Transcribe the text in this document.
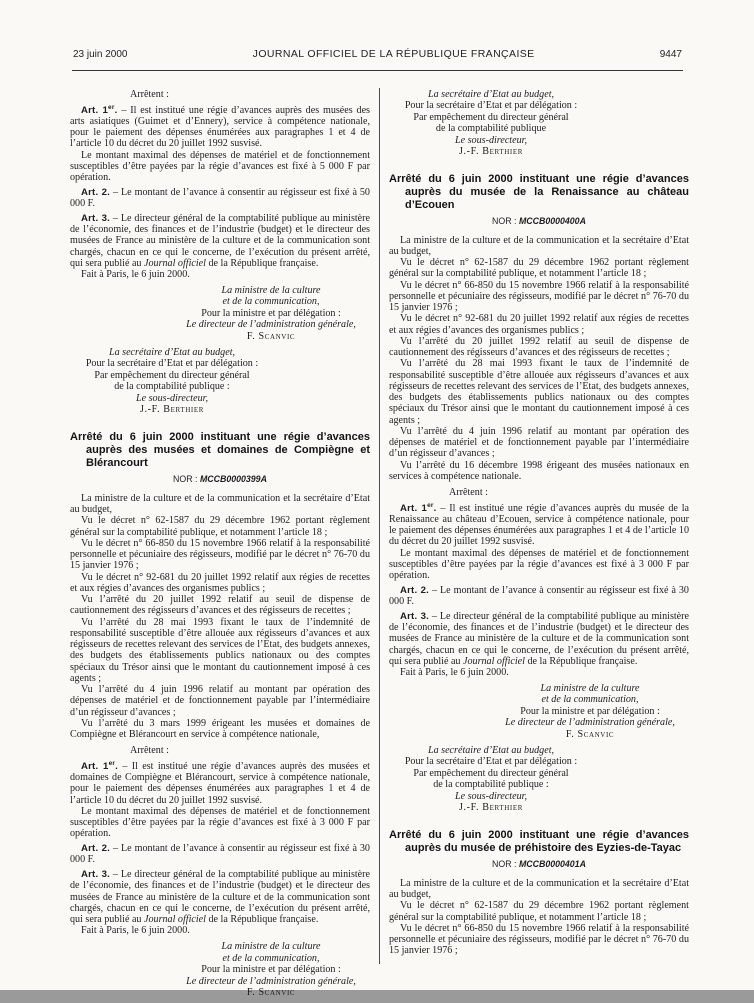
23 juin 2000	JOURNAL OFFICIEL DE LA RÉPUBLIQUE FRANÇAISE	9447
Arrêtent :

Art. 1er. – Il est institué une régie d’avances auprès des musées des arts asiatiques (Guimet et d’Ennery), service à compétence nationale, pour le paiement des dépenses énumérées aux paragraphes 1 et 4 de l’article 10 du décret du 20 juillet 1992 susvisé.

Le montant maximal des dépenses de matériel et de fonctionnement susceptibles d’être payées par la régie d’avances est fixé à 5 000 F par opération.

Art. 2. – Le montant de l’avance à consentir au régisseur est fixé à 50 000 F.

Art. 3. – Le directeur général de la comptabilité publique au ministère de l’économie, des finances et de l’industrie (budget) et le directeur des musées de France au ministère de la culture et de la communication sont chargés, chacun en ce qui le concerne, de l’exécution du présent arrêté, qui sera publié au Journal officiel de la République française.

Fait à Paris, le 6 juin 2000.

La ministre de la culture
et de la communication,
Pour la ministre et par délégation :
Le directeur de l’administration générale,
F. Scanvic
La secrétaire d’Etat au budget,
Pour la secrétaire d’Etat et par délégation :
Par empêchement du directeur général
de la comptabilité publique :
Le sous-directeur,
J.-F. Berthier
Arrêté du 6 juin 2000 instituant une régie d’avances auprès des musées et domaines de Compiègne et Blérancourt
NOR : MCCB0000399A

La ministre de la culture et de la communication et la secrétaire d’Etat au budget,

Vu le décret n° 62-1587 du 29 décembre 1962 portant règlement général sur la comptabilité publique, et notamment l’article 18 ;

Vu le décret n° 66-850 du 15 novembre 1966 relatif à la responsabilité personnelle et pécuniaire des régisseurs, modifié par le décret n° 76-70 du 15 janvier 1976 ;

Vu le décret n° 92-681 du 20 juillet 1992 relatif aux régies de recettes et aux régies d’avances des organismes publics ;

Vu l’arrêté du 20 juillet 1992 relatif au seuil de dispense de cautionnement des régisseurs d’avances et des régisseurs de recettes ;

Vu l’arrêté du 28 mai 1993 fixant le taux de l’indemnité de responsabilité susceptible d’être allouée aux régisseurs d’avances et aux régisseurs de recettes relevant des services de l’Etat, des budgets annexes, des budgets des établissements publics nationaux ou des comptes spéciaux du Trésor ainsi que le montant du cautionnement imposé à ces agents ;

Vu l’arrêté du 4 juin 1996 relatif au montant par opération des dépenses de matériel et de fonctionnement payable par l’intermédiaire d’un régisseur d’avances ;

Vu l’arrêté du 3 mars 1999 érigeant les musées et domaines de Compiègne et Blérancourt en service à compétence nationale,

Arrêtent :

Art. 1er. – Il est institué une régie d’avances auprès des musées et domaines de Compiègne et Blérancourt, service à compétence nationale, pour le paiement des dépenses énumérées aux paragraphes 1 et 4 de l’article 10 du décret du 20 juillet 1992 susvisé.

Le montant maximal des dépenses de matériel et de fonctionnement susceptibles d’être payées par la régie d’avances est fixé à 3 000 F par opération.

Art. 2. – Le montant de l’avance à consentir au régisseur est fixé à 30 000 F.

Art. 3. – Le directeur général de la comptabilité publique au ministère de l’économie, des finances et de l’industrie (budget) et le directeur des musées de France au ministère de la culture et de la communication sont chargés, chacun en ce qui le concerne, de l’exécution du présent arrêté, qui sera publié au Journal officiel de la République française.

Fait à Paris, le 6 juin 2000.

La ministre de la culture
et de la communication,
Pour la ministre et par délégation :
Le directeur de l’administration générale,
F. Scanvic
La secrétaire d’Etat au budget,
Pour la secrétaire d’Etat et par délégation :
Par empêchement du directeur général
de la comptabilité publique
Le sous-directeur,
J.-F. Berthier
Arrêté du 6 juin 2000 instituant une régie d’avances auprès du musée de la Renaissance au château d’Ecouen
NOR : MCCB0000400A

La ministre de la culture et de la communication et la secrétaire d’Etat au budget,

Vu le décret n° 62-1587 du 29 décembre 1962 portant règlement général sur la comptabilité publique, et notamment l’article 18 ;

Vu le décret n° 66-850 du 15 novembre 1966 relatif à la responsabilité personnelle et pécuniaire des régisseurs, modifié par le décret n° 76-70 du 15 janvier 1976 ;

Vu le décret n° 92-681 du 20 juillet 1992 relatif aux régies de recettes et aux régies d’avances des organismes publics ;

Vu l’arrêté du 20 juillet 1992 relatif au seuil de dispense de cautionnement des régisseurs d’avances et des régisseurs de recettes ;

Vu l’arrêté du 28 mai 1993 fixant le taux de l’indemnité de responsabilité susceptible d’être allouée aux régisseurs d’avances et aux régisseurs de recettes relevant des services de l’Etat, des budgets annexes, des budgets des établissements publics nationaux ou des comptes spéciaux du Trésor ainsi que le montant du cautionnement imposé à ces agents ;

Vu l’arrêté du 4 juin 1996 relatif au montant par opération des dépenses de matériel et de fonctionnement payable par l’intermédiaire d’un régisseur d’avances ;

Vu l’arrêté du 16 décembre 1998 érigeant des musées nationaux en services à compétence nationale.

Arrêtent :

Art. 1er. – Il est institué une régie d’avances auprès du musée de la Renaissance au château d’Ecouen, service à compétence nationale, pour le paiement des dépenses énumérées aux paragraphes 1 et 4 de l’article 10 du décret du 20 juillet 1992 susvisé.

Le montant maximal des dépenses de matériel et de fonctionnement susceptibles d’être payées par la régie d’avances est fixé à 3 000 F par opération.

Art. 2. – Le montant de l’avance à consentir au régisseur est fixé à 30 000 F.

Art. 3. – Le directeur général de la comptabilité publique au ministère de l’économie, des finances et de l’industrie (budget) et le directeur des musées de France au ministère de la culture et de la communication sont chargés, chacun en ce qui le concerne, de l’exécution du présent arrêté, qui sera publié au Journal officiel de la République française.

Fait à Paris, le 6 juin 2000.

La ministre de la culture
et de la communication,
Pour la ministre et par délégation :
Le directeur de l’administration générale,
F. Scanvic
La secrétaire d’Etat au budget,
Pour la secrétaire d’Etat et par délégation :
Par empêchement du directeur général
de la comptabilité publique :
Le sous-directeur,
J.-F. Berthier
Arrêté du 6 juin 2000 instituant une régie d’avances auprès du musée de préhistoire des Eyzies-de-Tayac
NOR : MCCB0000401A

La ministre de la culture et de la communication et la secrétaire d’Etat au budget,

Vu le décret n° 62-1587 du 29 décembre 1962 portant règlement général sur la comptabilité publique, et notamment l’article 18 ;

Vu le décret n° 66-850 du 15 novembre 1966 relatif à la responsabilité personnelle et pécuniaire des régisseurs, modifié par le décret n° 76-70 du 15 janvier 1976 ;
